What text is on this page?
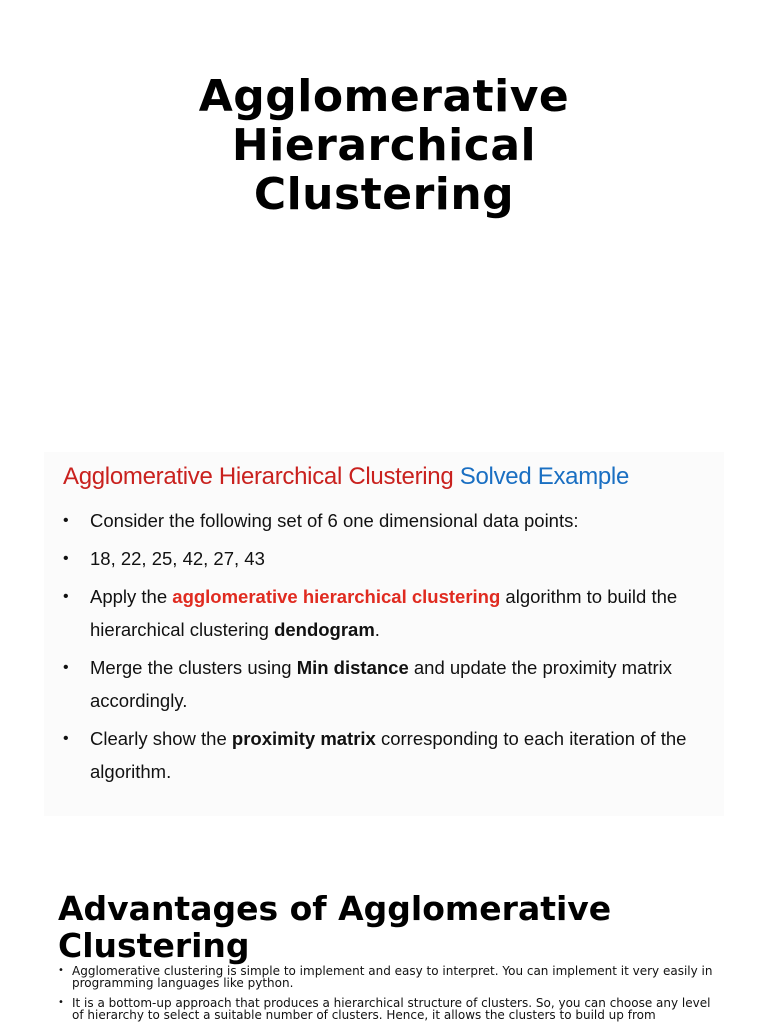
Agglomerative
Hierarchical
Clustering
Agglomerative Hierarchical Clustering Solved Example
• Consider the following set of 6 one dimensional data points:
• 18, 22, 25, 42, 27, 43
• Apply the agglomerative hierarchical clustering algorithm to build the hierarchical clustering dendogram.
• Merge the clusters using Min distance and update the proximity matrix accordingly.
• Clearly show the proximity matrix corresponding to each iteration of the algorithm.
Advantages of Agglomerative Clustering
• Agglomerative clustering is simple to implement and easy to interpret. You can implement it very easily in programming languages like python.
• It is a bottom-up approach that produces a hierarchical structure of clusters. So, you can choose any level of hierarchy to select a suitable number of clusters. Hence, it allows the clusters to build up from
